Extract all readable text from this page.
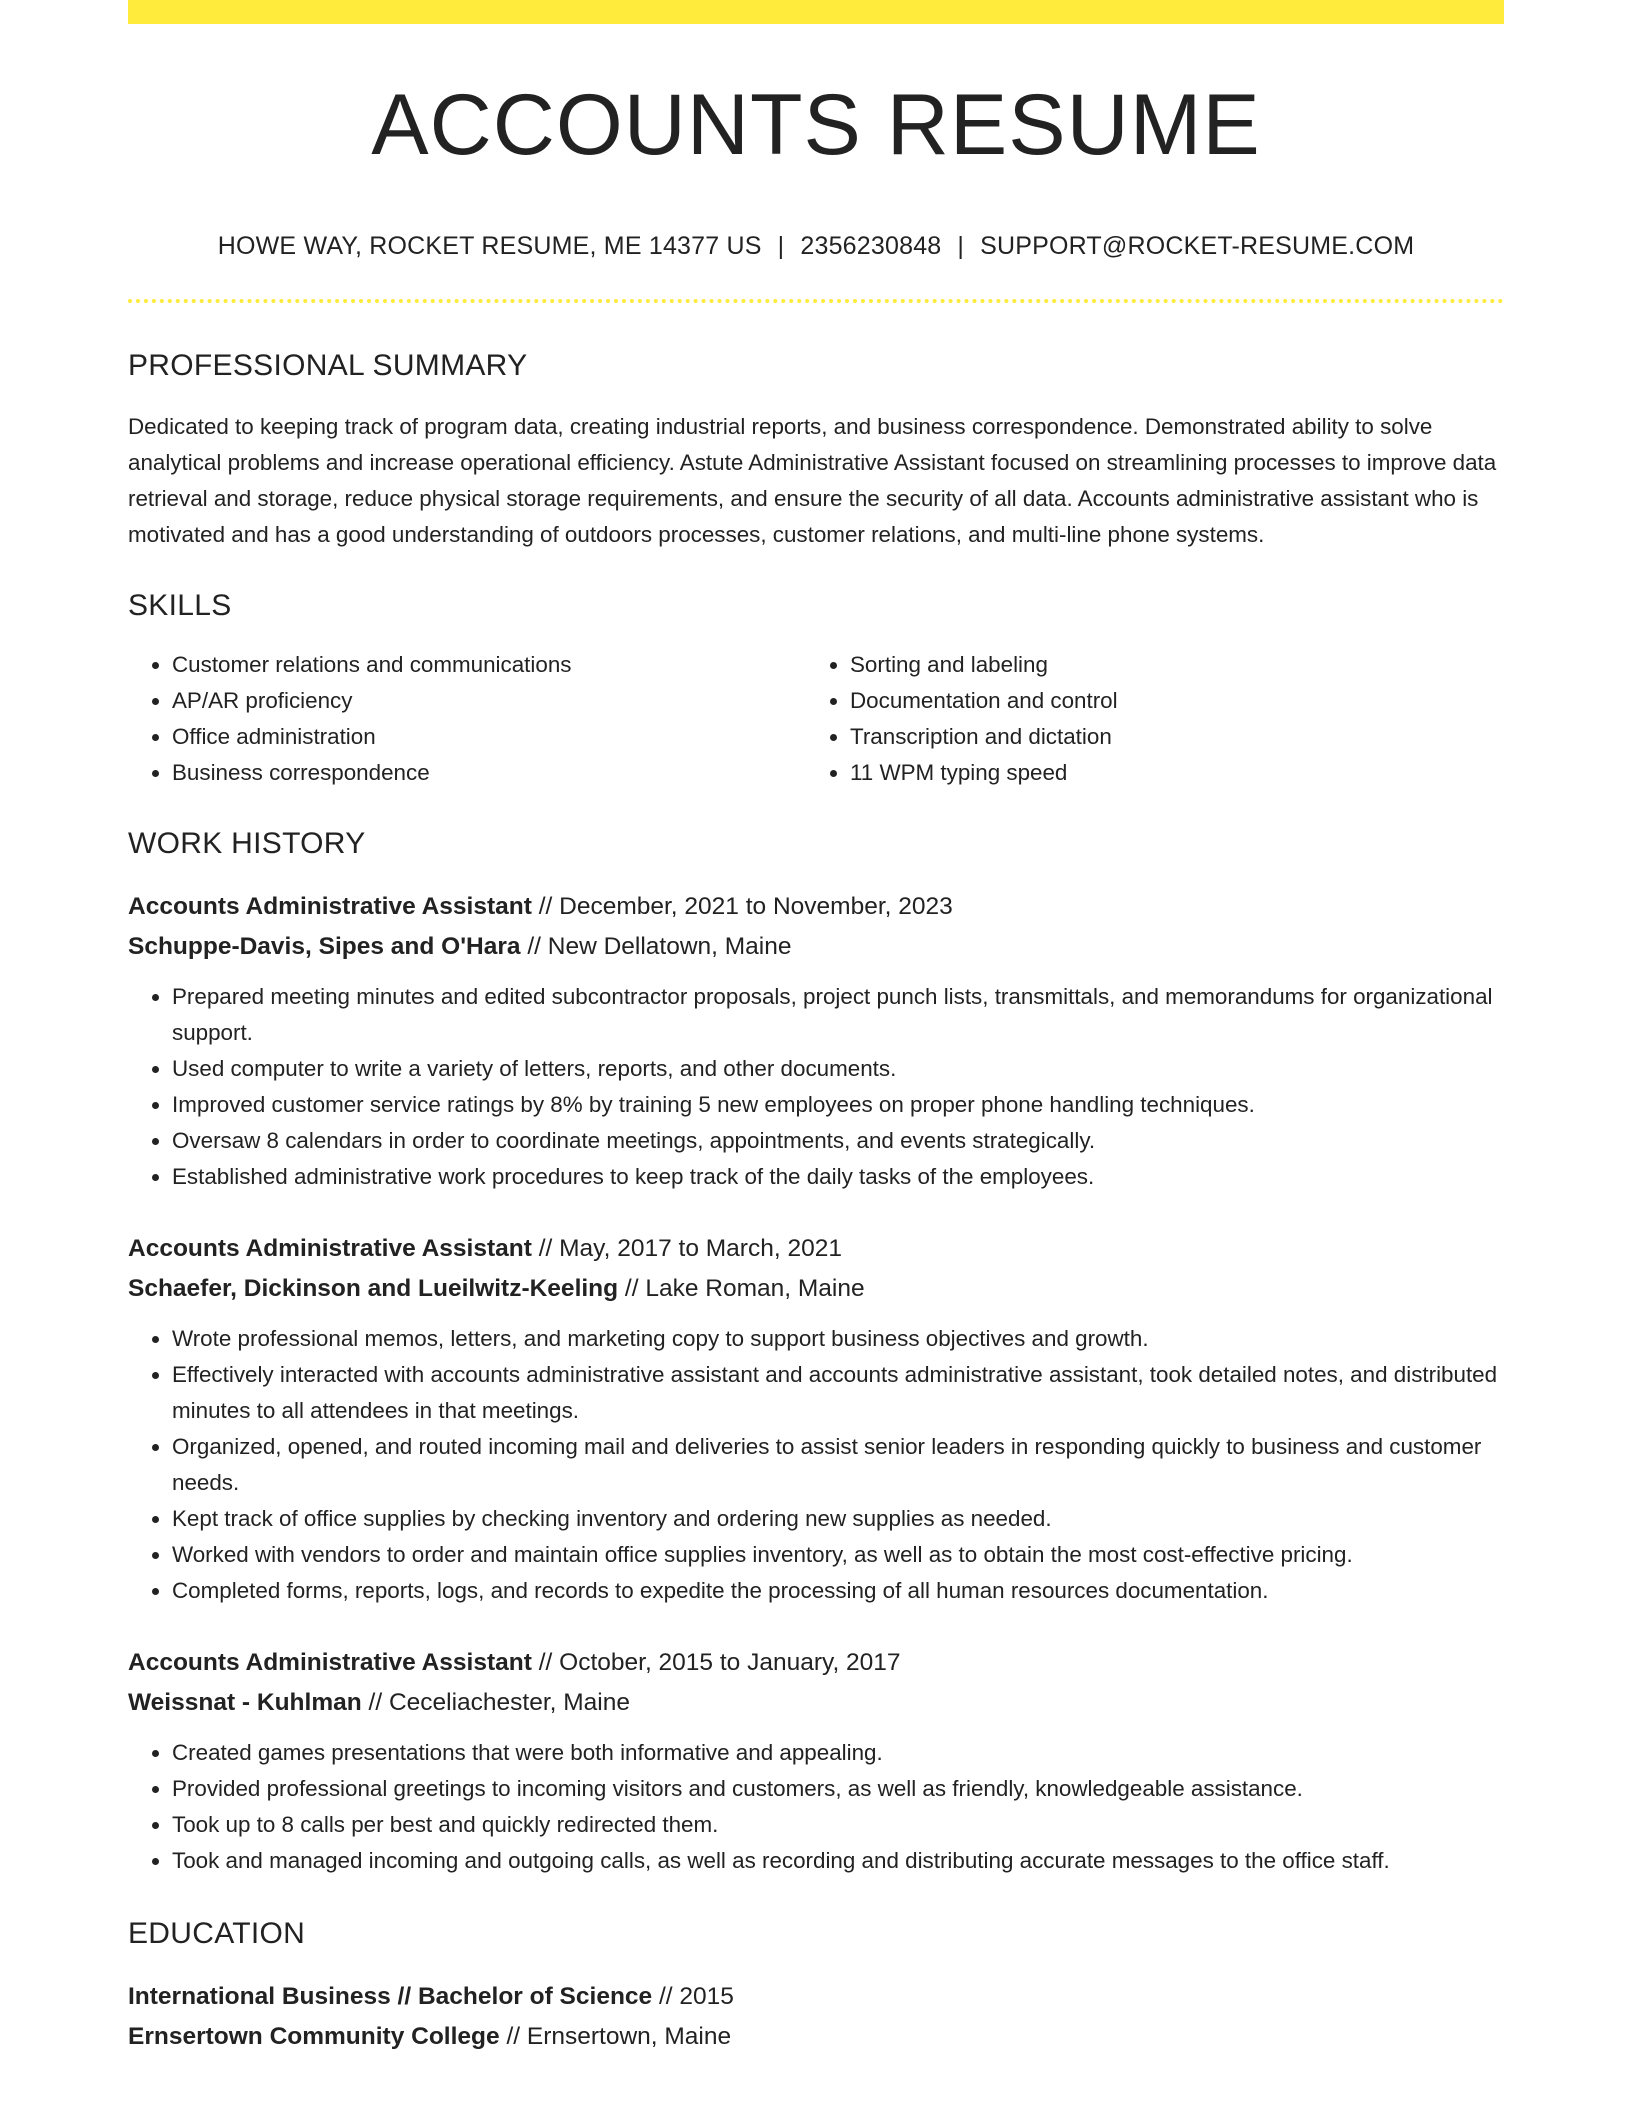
ACCOUNTS RESUME
HOWE WAY, ROCKET RESUME, ME 14377 US | 2356230848 | SUPPORT@ROCKET-RESUME.COM
PROFESSIONAL SUMMARY

Dedicated to keeping track of program data, creating industrial reports, and business correspondence. Demonstrated ability to solve analytical problems and increase operational efficiency. Astute Administrative Assistant focused on streamlining processes to improve data retrieval and storage, reduce physical storage requirements, and ensure the security of all data. Accounts administrative assistant who is motivated and has a good understanding of outdoors processes, customer relations, and multi-line phone systems.

SKILLS
• Customer relations and communications
• AP/AR proficiency
• Office administration
• Business correspondence
• Sorting and labeling
• Documentation and control
• Transcription and dictation
• 11 WPM typing speed
WORK HISTORY
Accounts Administrative Assistant // December, 2021 to November, 2023
Schuppe-Davis, Sipes and O'Hara // New Dellatown, Maine
• Prepared meeting minutes and edited subcontractor proposals, project punch lists, transmittals, and memorandums for organizational support.
• Used computer to write a variety of letters, reports, and other documents.
• Improved customer service ratings by 8% by training 5 new employees on proper phone handling techniques.
• Oversaw 8 calendars in order to coordinate meetings, appointments, and events strategically.
• Established administrative work procedures to keep track of the daily tasks of the employees.
Accounts Administrative Assistant // May, 2017 to March, 2021
Schaefer, Dickinson and Lueilwitz-Keeling // Lake Roman, Maine
• Wrote professional memos, letters, and marketing copy to support business objectives and growth.
• Effectively interacted with accounts administrative assistant and accounts administrative assistant, took detailed notes, and distributed minutes to all attendees in that meetings.
• Organized, opened, and routed incoming mail and deliveries to assist senior leaders in responding quickly to business and customer needs.
• Kept track of office supplies by checking inventory and ordering new supplies as needed.
• Worked with vendors to order and maintain office supplies inventory, as well as to obtain the most cost-effective pricing.
• Completed forms, reports, logs, and records to expedite the processing of all human resources documentation.
Accounts Administrative Assistant // October, 2015 to January, 2017
Weissnat - Kuhlman // Ceceliachester, Maine
• Created games presentations that were both informative and appealing.
• Provided professional greetings to incoming visitors and customers, as well as friendly, knowledgeable assistance.
• Took up to 8 calls per best and quickly redirected them.
• Took and managed incoming and outgoing calls, as well as recording and distributing accurate messages to the office staff.
EDUCATION
International Business // Bachelor of Science // 2015
Ernsertown Community College // Ernsertown, Maine
